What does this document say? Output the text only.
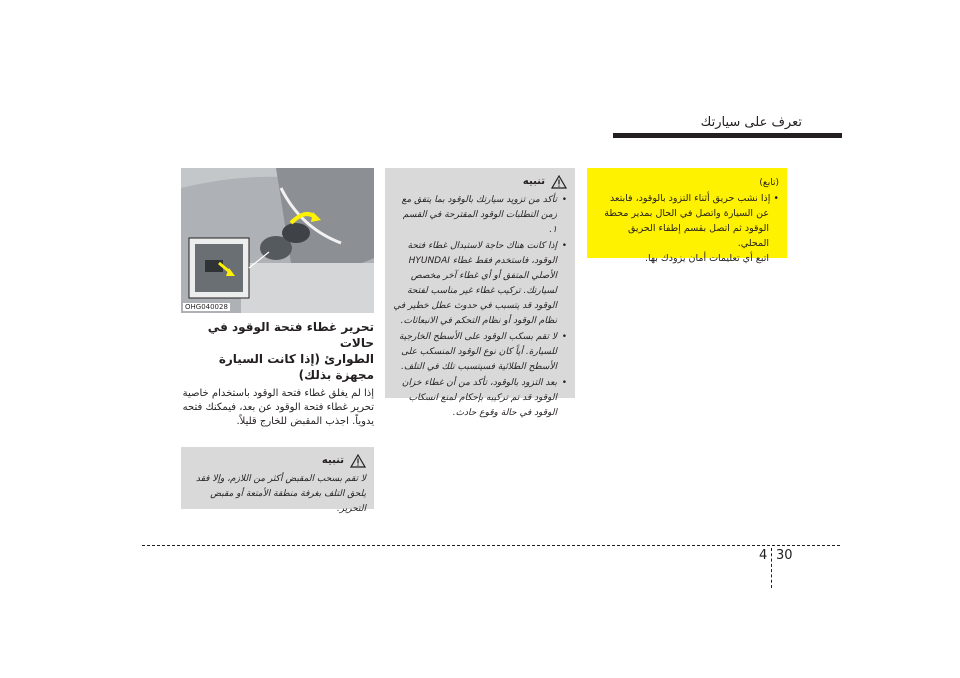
تعرف على سيارتك
(تابع)
• إذا نشب حريق أثناء التزود بالوقود، فابتعد
عن السيارة واتصل في الحال بمدير محطة
الوقود ثم اتصل بقسم إطفاء الحريق المحلي.
اتبع أي تعليمات أمان يزودك بها.
تنبيه
•
تأكد من تزويد سيارتك بالوقود بما يتفق مع زمن التطلبات الوقود المقترحة في القسم ١.
•
إذا كانت هناك حاجة لاستبدال غطاء فتحة الوقود، فاستخدم فقط غطاء HYUNDAI الأصلي المتفق أو أي غطاء آخر مخصص لسيارتك. تركيب غطاء غير مناسب لفتحة الوقود قد يتسبب في حدوث عطل خطير في نظام الوقود أو نظام التحكم في الانبعاثات.
•
لا تقم بسكب الوقود على الأسطح الخارجية للسيارة. أياً كان نوع الوقود المنسكب على الأسطح الطلائية فسيتسبب تلك في التلف.
•
بعد التزود بالوقود، تأكد من أن غطاء خزان الوقود قد تم تركيبه بإحكام لمنع انسكاب الوقود في حالة وقوع حادث.
OHG040028
تحرير غطاء فتحة الوقود في حالات
الطوارئ (إذا كانت السيارة مجهزة بذلك)
إذا لم يغلق غطاء فتحة الوقود باستخدام خاصية تحرير غطاء فتحة الوقود عن بعد، فيمكنك فتحه يدوياً. اجذب المقبض للخارج قليلاً.
تنبيه
لا تقم بسحب المقبض أكثر من اللازم، وإلا فقد يلحق التلف بغرفة منطقة الأمتعة أو مقبض التحرير.
4 30
